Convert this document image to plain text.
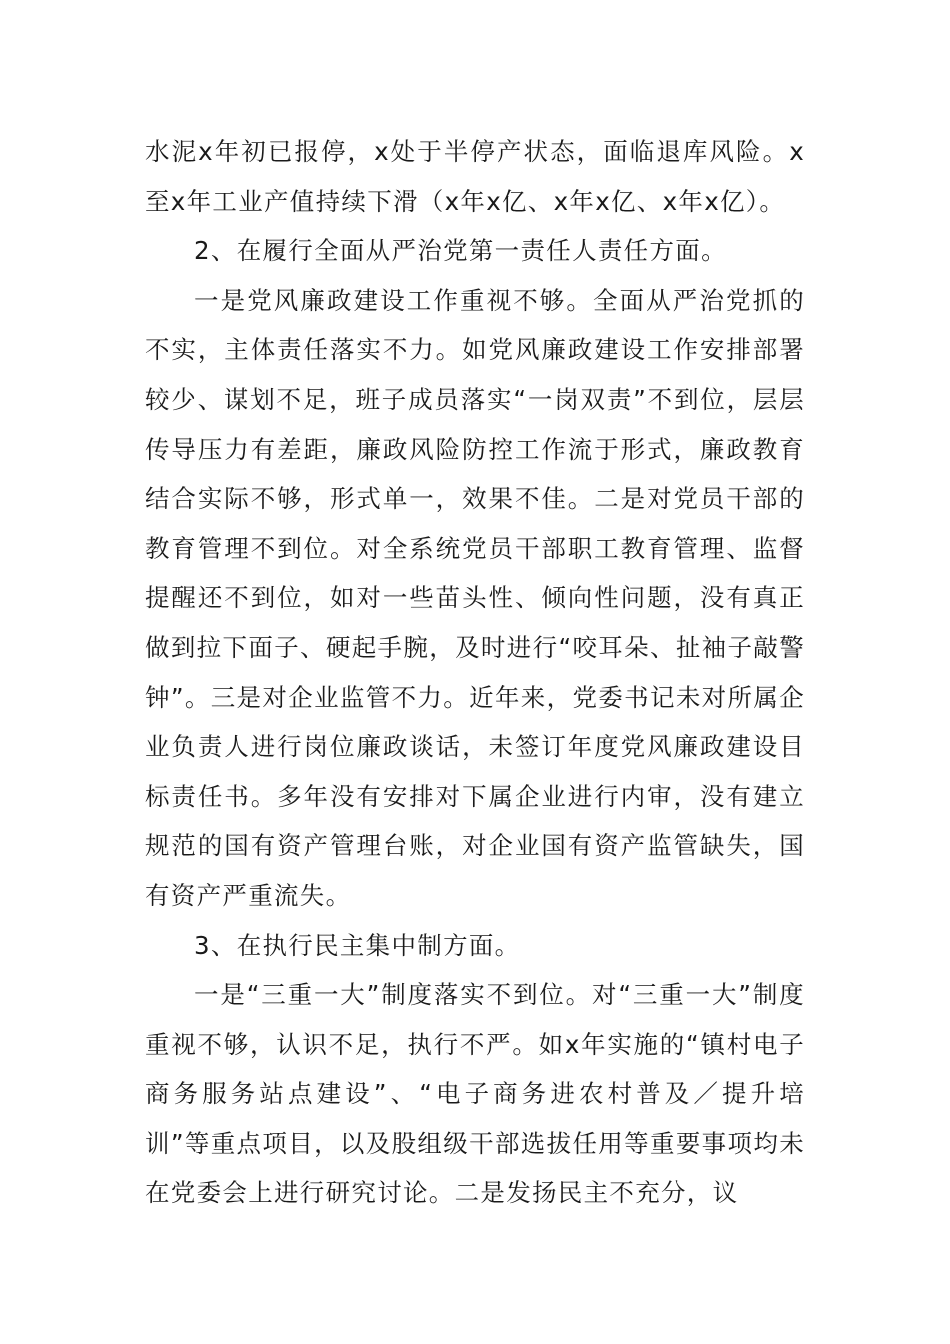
水泥x年初已报停，x处于半停产状态，面临退库风险。x至x年工业产值持续下滑（x年x亿、x年x亿、x年x亿）。

2、在履行全面从严治党第一责任人责任方面。

一是党风廉政建设工作重视不够。全面从严治党抓的不实，主体责任落实不力。如党风廉政建设工作安排部署较少、谋划不足，班子成员落实“一岗双责”不到位，层层传导压力有差距，廉政风险防控工作流于形式，廉政教育结合实际不够，形式单一，效果不佳。二是对党员干部的教育管理不到位。对全系统党员干部职工教育管理、监督提醒还不到位，如对一些苗头性、倾向性问题，没有真正做到拉下面子、硬起手腕，及时进行“咬耳朵、扯袖子敲警钟”。三是对企业监管不力。近年来，党委书记未对所属企业负责人进行岗位廉政谈话，未签订年度党风廉政建设目标责任书。多年没有安排对下属企业进行内审，没有建立规范的国有资产管理台账，对企业国有资产监管缺失，国有资产严重流失。

3、在执行民主集中制方面。

一是“三重一大”制度落实不到位。对“三重一大”制度重视不够，认识不足，执行不严。如x年实施的“镇村电子商务服务站点建设”、“电子商务进农村普及／提升培训”等重点项目，以及股组级干部选拔任用等重要事项均未在党委会上进行研究讨论。二是发扬民主不充分，议
